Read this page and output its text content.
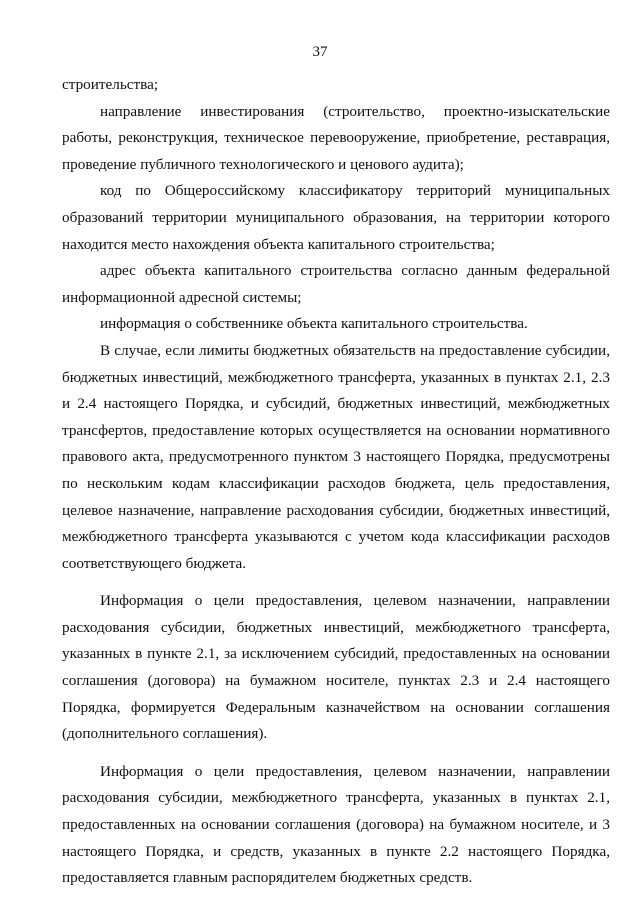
37

строительства;

направление инвестирования (строительство, проектно-изыскательские работы, реконструкция, техническое перевооружение, приобретение, реставрация, проведение публичного технологического и ценового аудита);

код по Общероссийскому классификатору территорий муниципальных образований территории муниципального образования, на территории которого находится место нахождения объекта капитального строительства;

адрес объекта капитального строительства согласно данным федеральной информационной адресной системы;

информация о собственнике объекта капитального строительства.

В случае, если лимиты бюджетных обязательств на предоставление субсидии, бюджетных инвестиций, межбюджетного трансферта, указанных в пунктах 2.1, 2.3 и 2.4 настоящего Порядка, и субсидий, бюджетных инвестиций, межбюджетных трансфертов, предоставление которых осуществляется на основании нормативного правового акта, предусмотренного пунктом 3 настоящего Порядка, предусмотрены по нескольким кодам классификации расходов бюджета, цель предоставления, целевое назначение, направление расходования субсидии, бюджетных инвестиций, межбюджетного трансферта указываются с учетом кода классификации расходов соответствующего бюджета.

Информация о цели предоставления, целевом назначении, направлении расходования субсидии, бюджетных инвестиций, межбюджетного трансферта, указанных в пункте 2.1, за исключением субсидий, предоставленных на основании соглашения (договора) на бумажном носителе, пунктах 2.3 и 2.4 настоящего Порядка, формируется Федеральным казначейством на основании соглашения (дополнительного соглашения).

Информация о цели предоставления, целевом назначении, направлении расходования субсидии, межбюджетного трансферта, указанных в пунктах 2.1, предоставленных на основании соглашения (договора) на бумажном носителе, и 3 настоящего Порядка, и средств, указанных в пункте 2.2 настоящего Порядка, предоставляется главным распорядителем бюджетных средств.
